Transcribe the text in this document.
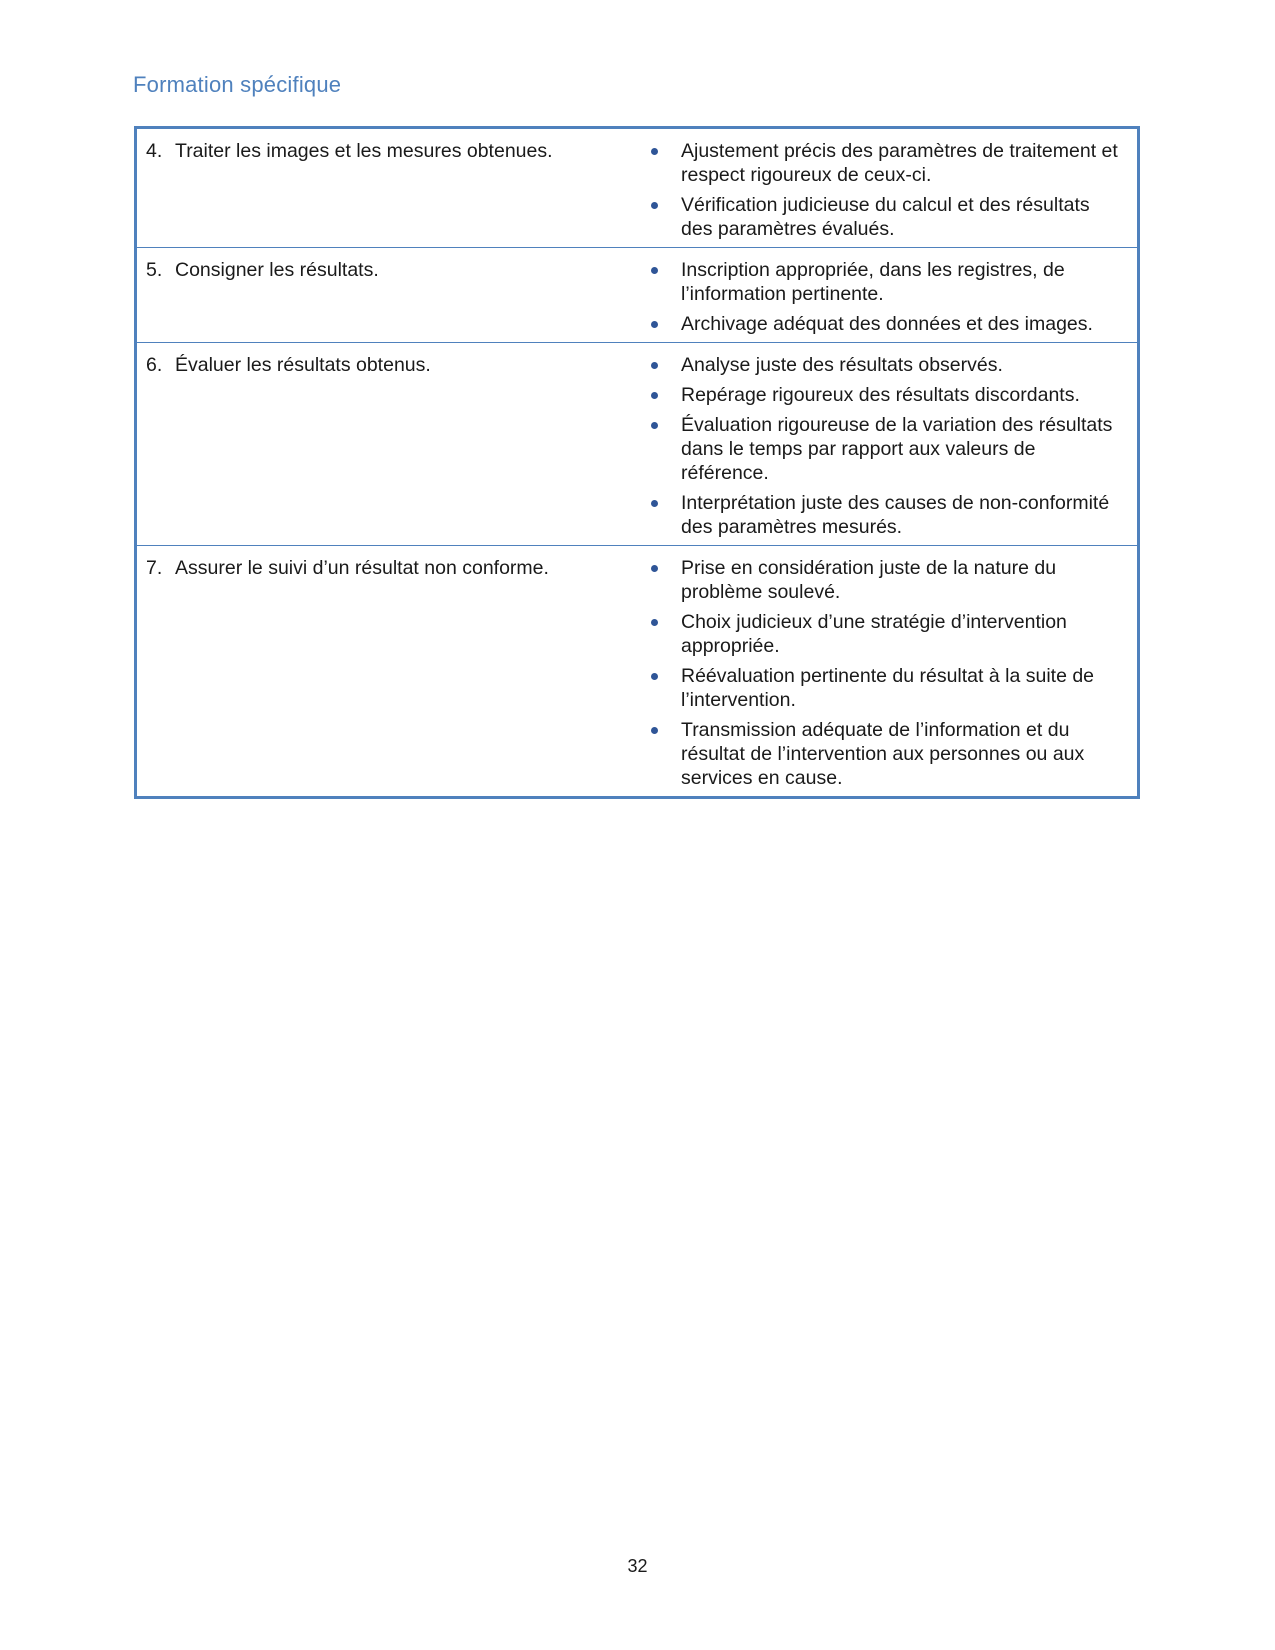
Formation spécifique
4. Traiter les images et les mesures obtenues.	Ajustement précis des paramètres de traitement et respect rigoureux de ceux-ci.
Vérification judicieuse du calcul et des résultats des paramètres évalués.
5. Consigner les résultats.	Inscription appropriée, dans les registres, de l’information pertinente.
Archivage adéquat des données et des images.
6. Évaluer les résultats obtenus.	Analyse juste des résultats observés.
Repérage rigoureux des résultats discordants.
Évaluation rigoureuse de la variation des résultats dans le temps par rapport aux valeurs de référence.
Interprétation juste des causes de non-conformité des paramètres mesurés.
7. Assurer le suivi d’un résultat non conforme.	Prise en considération juste de la nature du problème soulevé.
Choix judicieux d’une stratégie d’intervention appropriée.
Réévaluation pertinente du résultat à la suite de l’intervention.
Transmission adéquate de l’information et du résultat de l’intervention aux personnes ou aux services en cause.
32
